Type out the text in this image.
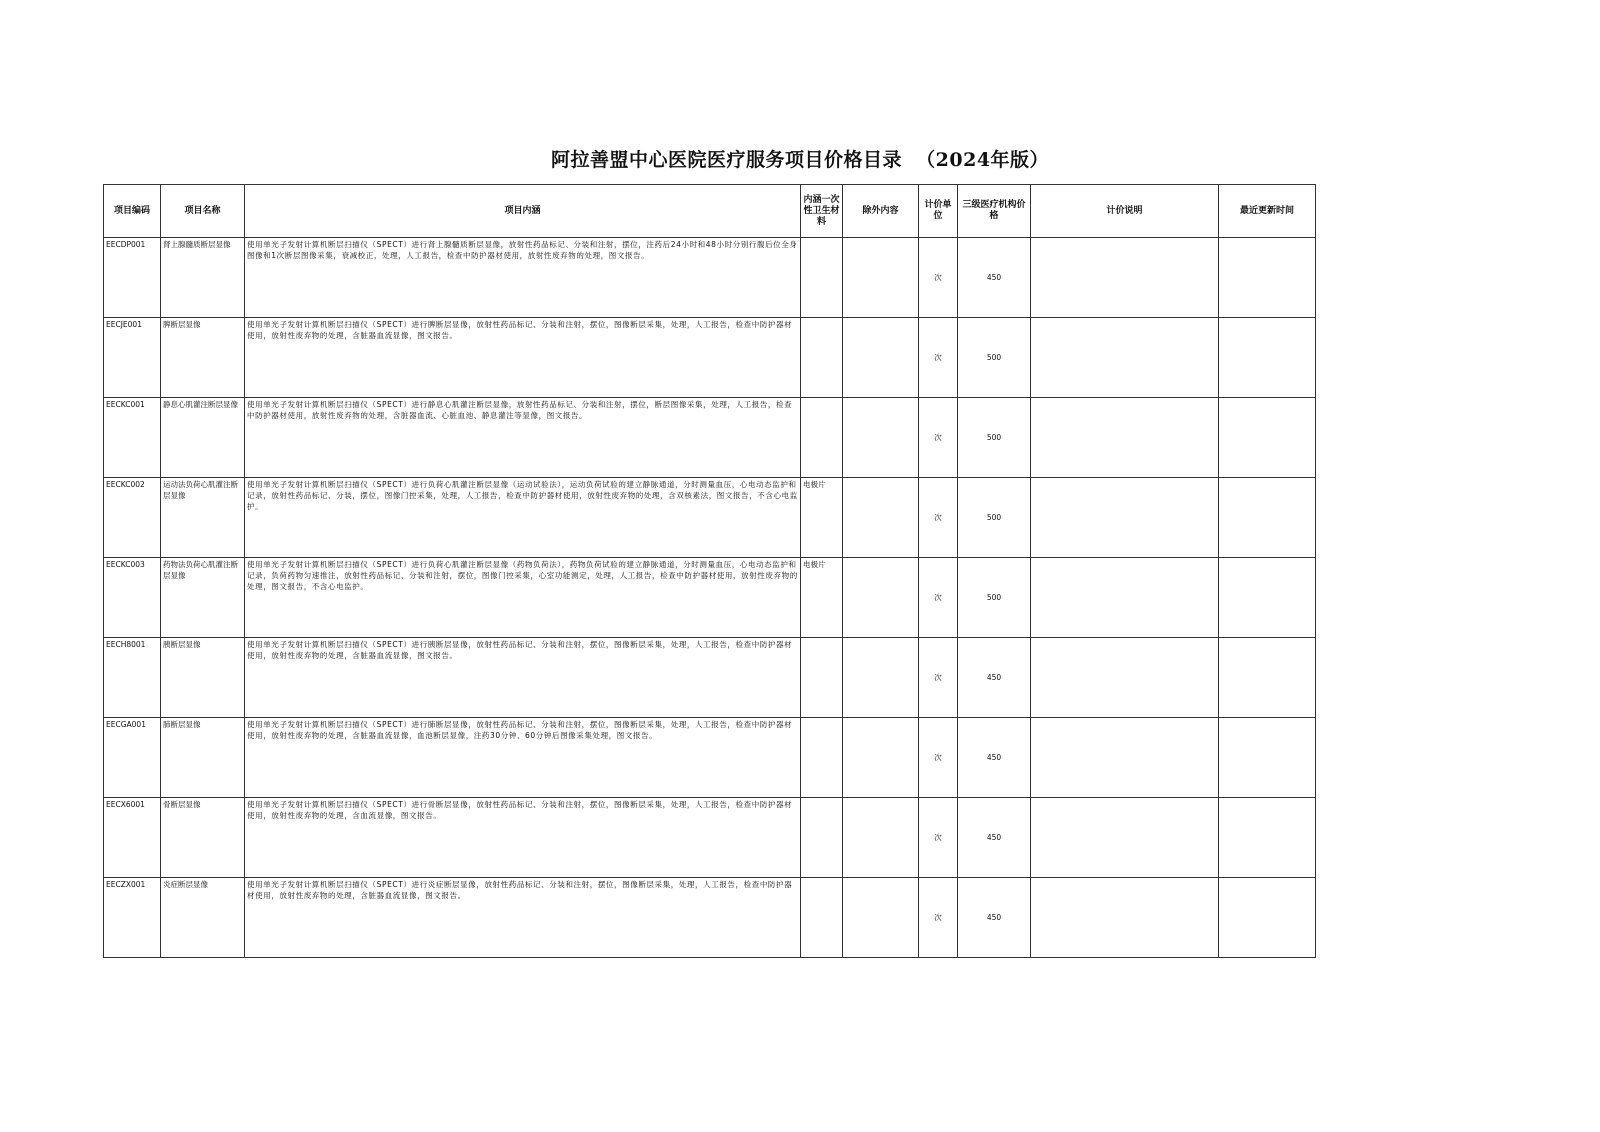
阿拉善盟中心医院医疗服务项目价格目录  （2024年版）
项目编码	项目名称	项目内涵	内涵一次性卫生材料	除外内容	计价单位	三级医疗机构价格	计价说明	最近更新时间
EECDP001	肾上腺髓质断层显像	使用单光子发射计算机断层扫描仪（SPECT）进行肾上腺髓质断层显像，放射性药品标记、分装和注射，摆位，注药后24小时和48小时分别行腹后位全身图像和1次断层图像采集，衰减校正，处理，人工报告，检查中防护器材使用，放射性废弃物的处理，图文报告。			次	450		
EECJE001	脾断层显像	使用单光子发射计算机断层扫描仪（SPECT）进行脾断层显像，放射性药品标记、分装和注射，摆位，图像断层采集，处理，人工报告，检查中防护器材使用，放射性废弃物的处理，含脏器血流显像，图文报告。			次	500		
EECKC001	静息心肌灌注断层显像	使用单光子发射计算机断层扫描仪（SPECT）进行静息心肌灌注断层显像，放射性药品标记、分装和注射，摆位，断层图像采集，处理，人工报告，检查中防护器材使用，放射性废弃物的处理，含脏器血流、心脏血池、静息灌注等显像，图文报告。			次	500		
EECKC002	运动法负荷心肌灌注断层显像	使用单光子发射计算机断层扫描仪（SPECT）进行负荷心肌灌注断层显像（运动试验法），运动负荷试验的建立静脉通道，分时测量血压，心电动态监护和记录，放射性药品标记、分装，摆位，图像门控采集，处理，人工报告，检查中防护器材使用，放射性废弃物的处理，含双核素法，图文报告，不含心电监护。	电极片		次	500		
EECKC003	药物法负荷心肌灌注断层显像	使用单光子发射计算机断层扫描仪（SPECT）进行负荷心肌灌注断层显像（药物负荷法），药物负荷试验的建立静脉通道，分时测量血压，心电动态监护和记录，负荷药物匀速推注，放射性药品标记、分装和注射，摆位，图像门控采集，心室功能测定，处理，人工报告，检查中防护器材使用，放射性废弃物的处理，图文报告，不含心电监护。	电极片		次	500		
EECH8001	胰断层显像	使用单光子发射计算机断层扫描仪（SPECT）进行胰断层显像，放射性药品标记、分装和注射，摆位，图像断层采集，处理，人工报告，检查中防护器材使用，放射性废弃物的处理，含脏器血流显像，图文报告。			次	450		
EECGA001	肺断层显像	使用单光子发射计算机断层扫描仪（SPECT）进行肺断层显像，放射性药品标记、分装和注射，摆位，图像断层采集，处理，人工报告，检查中防护器材使用，放射性废弃物的处理，含脏器血流显像，血池断层显像，注药30分钟、60分钟后图像采集处理，图文报告。			次	450		
EECX6001	骨断层显像	使用单光子发射计算机断层扫描仪（SPECT）进行骨断层显像，放射性药品标记、分装和注射，摆位，图像断层采集，处理，人工报告，检查中防护器材使用，放射性废弃物的处理，含血流显像，图文报告。			次	450		
EECZX001	炎症断层显像	使用单光子发射计算机断层扫描仪（SPECT）进行炎症断层显像，放射性药品标记、分装和注射，摆位，图像断层采集，处理，人工报告，检查中防护器材使用，放射性废弃物的处理，含脏器血流显像，图文报告。			次	450		
